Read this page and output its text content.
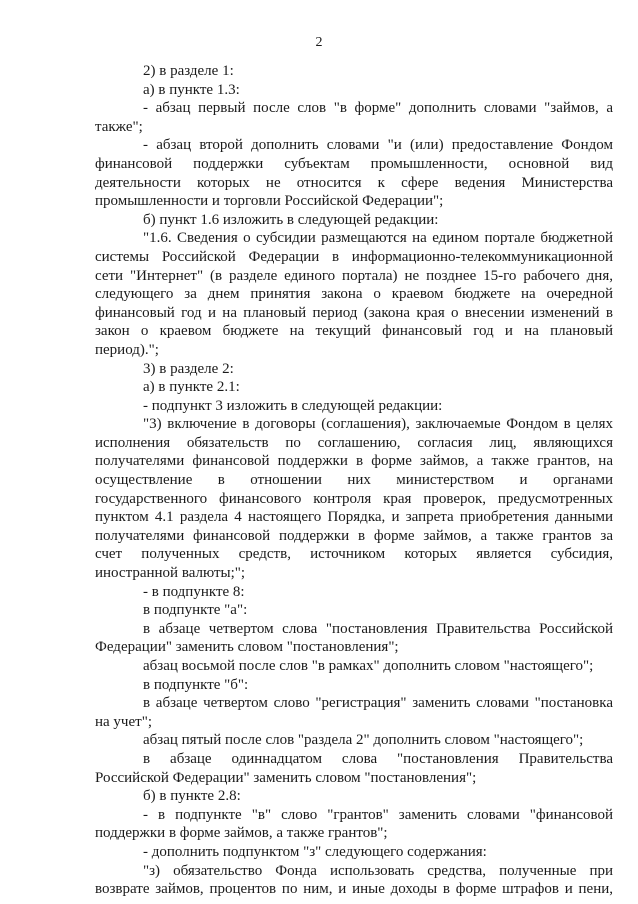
2
2) в разделе 1:
а) в пункте 1.3:
- абзац первый после слов "в форме" дополнить словами "займов, а
также";
- абзац второй дополнить словами "и (или) предоставление Фондом
финансовой поддержки субъектам промышленности, основной вид
деятельности которых не относится к сфере ведения Министерства
промышленности и торговли Российской Федерации";
б) пункт 1.6 изложить в следующей редакции:
"1.6. Сведения о субсидии размещаются на едином портале бюджетной
системы Российской Федерации в информационно-телекоммуникационной
сети "Интернет" (в разделе единого портала) не позднее 15-го рабочего дня,
следующего за днем принятия закона о краевом бюджете на очередной
финансовый год и на плановый период (закона края о внесении изменений в
закон о краевом бюджете на текущий финансовый год и на плановый
период).";
3) в разделе 2:
а) в пункте 2.1:
- подпункт 3 изложить в следующей редакции:
"3) включение в договоры (соглашения), заключаемые Фондом в целях
исполнения обязательств по соглашению, согласия лиц, являющихся
получателями финансовой поддержки в форме займов, а также грантов, на
осуществление в отношении них министерством и органами
государственного финансового контроля края проверок, предусмотренных
пунктом 4.1 раздела 4 настоящего Порядка, и запрета приобретения данными
получателями финансовой поддержки в форме займов, а также грантов за
счет полученных средств, источником которых является субсидия,
иностранной валюты;";
- в подпункте 8:
в подпункте "а":
в абзаце четвертом слова "постановления Правительства Российской
Федерации" заменить словом "постановления";
абзац восьмой после слов "в рамках" дополнить словом "настоящего";
в подпункте "б":
в абзаце четвертом слово "регистрация" заменить словами "постановка
на учет";
абзац пятый после слов "раздела 2" дополнить словом "настоящего";
в абзаце одиннадцатом слова "постановления Правительства
Российской Федерации" заменить словом "постановления";
б) в пункте 2.8:
- в подпункте "в" слово "грантов" заменить словами "финансовой
поддержки в форме займов, а также грантов";
- дополнить подпунктом "з" следующего содержания:
"з) обязательство Фонда использовать средства, полученные при
возврате займов, процентов по ним, и иные доходы в форме штрафов и пени,
